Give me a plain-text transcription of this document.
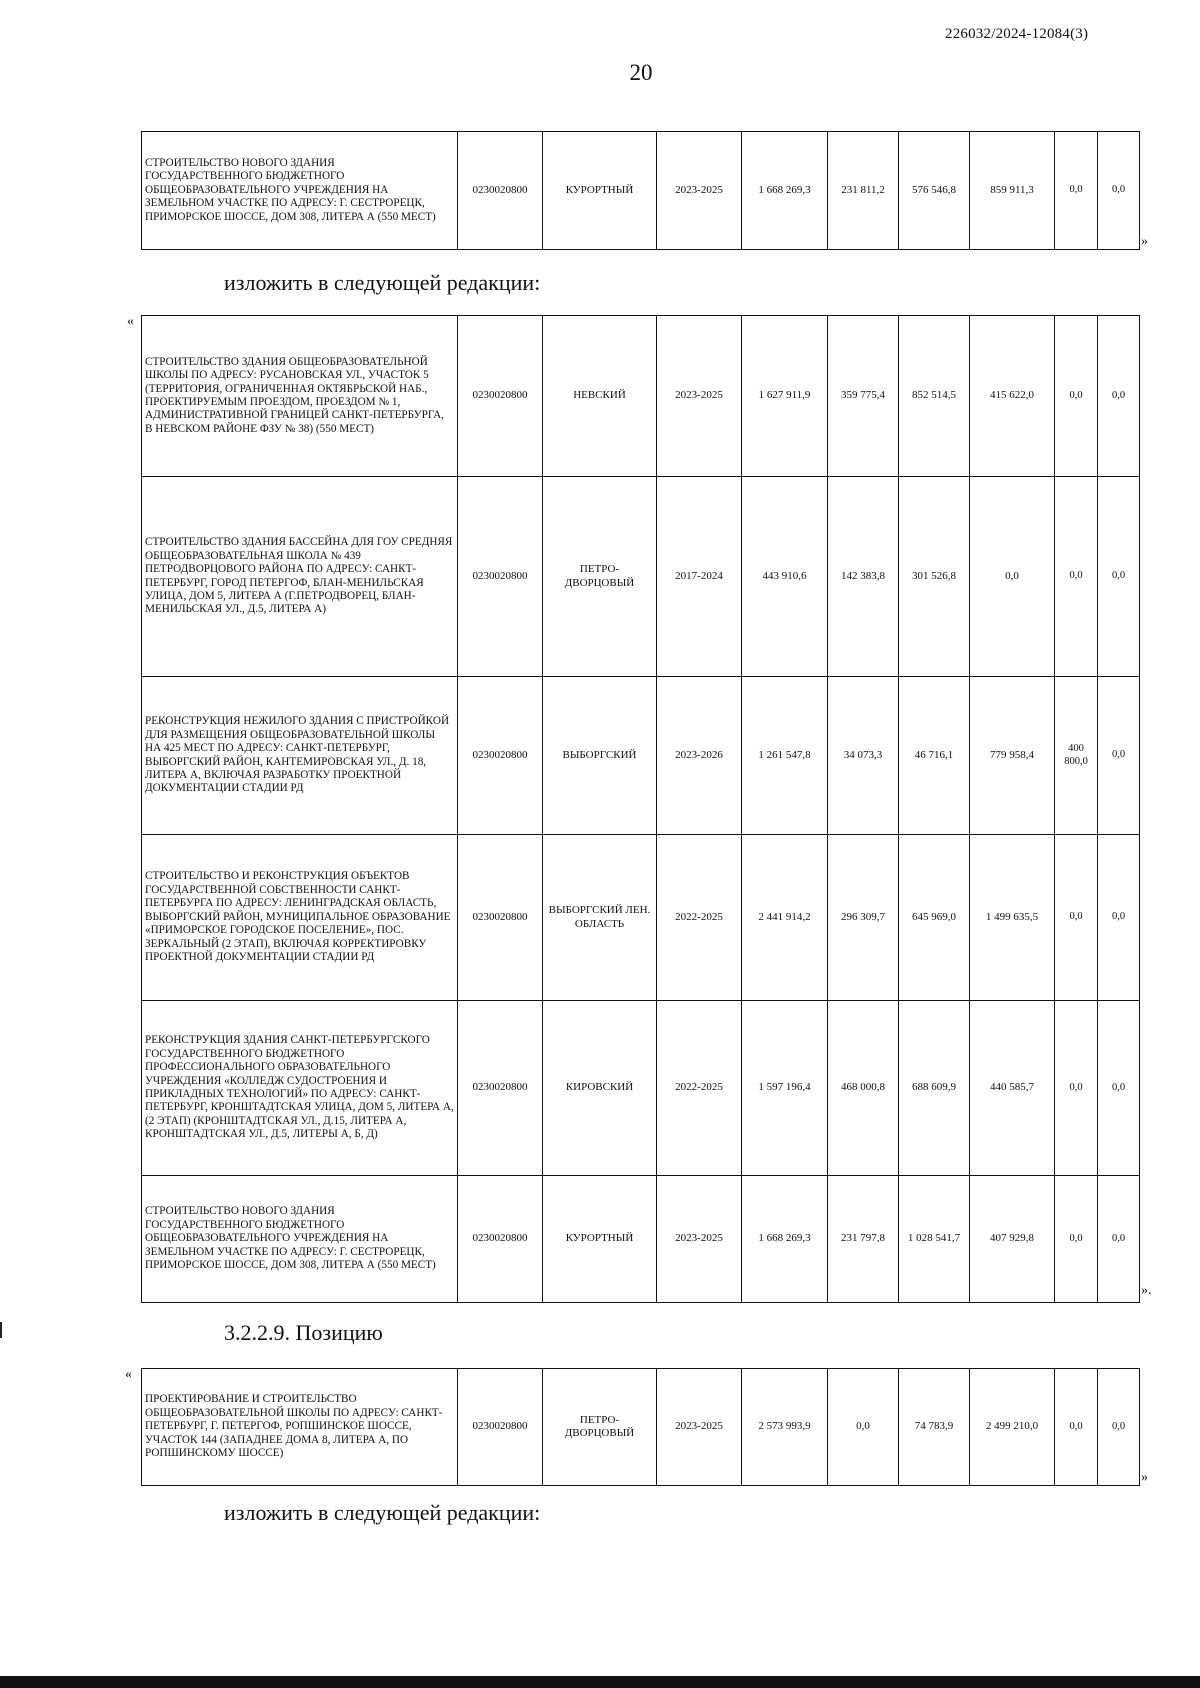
226032/2024-12084(3)
20
СТРОИТЕЛЬСТВО НОВОГО ЗДАНИЯ ГОСУДАРСТВЕННОГО БЮДЖЕТНОГО ОБЩЕОБРАЗОВАТЕЛЬНОГО УЧРЕЖДЕНИЯ НА ЗЕМЕЛЬНОМ УЧАСТКЕ ПО АДРЕСУ: Г. СЕСТРОРЕЦК, ПРИМОРСКОЕ ШОССЕ, ДОМ 308, ЛИТЕРА А (550 МЕСТ)	0230020800	КУРОРТНЫЙ	2023-2025	1 668 269,3	231 811,2	576 546,8	859 911,3	0,0	0,0
»
изложить в следующей редакции:
«
СТРОИТЕЛЬСТВО ЗДАНИЯ ОБЩЕОБРАЗОВАТЕЛЬНОЙ ШКОЛЫ ПО АДРЕСУ: РУСАНОВСКАЯ УЛ., УЧАСТОК 5 (ТЕРРИТОРИЯ, ОГРАНИЧЕННАЯ ОКТЯБРЬСКОЙ НАБ., ПРОЕКТИРУЕМЫМ ПРОЕЗДОМ, ПРОЕЗДОМ № 1, АДМИНИСТРАТИВНОЙ ГРАНИЦЕЙ САНКТ-ПЕТЕРБУРГА, В НЕВСКОМ РАЙОНЕ ФЗУ № 38) (550 МЕСТ)	0230020800	НЕВСКИЙ	2023-2025	1 627 911,9	359 775,4	852 514,5	415 622,0	0,0	0,0
СТРОИТЕЛЬСТВО ЗДАНИЯ БАССЕЙНА ДЛЯ ГОУ СРЕДНЯЯ ОБЩЕОБРАЗОВАТЕЛЬНАЯ ШКОЛА № 439 ПЕТРОДВОРЦОВОГО РАЙОНА ПО АДРЕСУ: САНКТ-ПЕТЕРБУРГ, ГОРОД ПЕТЕРГОФ, БЛАН-МЕНИЛЬСКАЯ УЛИЦА, ДОМ 5, ЛИТЕРА А (Г.ПЕТРОДВОРЕЦ, БЛАН-МЕНИЛЬСКАЯ УЛ., Д.5, ЛИТЕРА А)	0230020800	ПЕТРО-ДВОРЦОВЫЙ	2017-2024	443 910,6	142 383,8	301 526,8	0,0	0,0	0,0
РЕКОНСТРУКЦИЯ НЕЖИЛОГО ЗДАНИЯ С ПРИСТРОЙКОЙ ДЛЯ РАЗМЕЩЕНИЯ ОБЩЕОБРАЗОВАТЕЛЬНОЙ ШКОЛЫ НА 425 МЕСТ ПО АДРЕСУ: САНКТ-ПЕТЕРБУРГ, ВЫБОРГСКИЙ РАЙОН, КАНТЕМИРОВСКАЯ УЛ., Д. 18, ЛИТЕРА А, ВКЛЮЧАЯ РАЗРАБОТКУ ПРОЕКТНОЙ ДОКУМЕНТАЦИИ СТАДИИ РД	0230020800	ВЫБОРГСКИЙ	2023-2026	1 261 547,8	34 073,3	46 716,1	779 958,4	400 800,0	0,0
СТРОИТЕЛЬСТВО И РЕКОНСТРУКЦИЯ ОБЪЕКТОВ ГОСУДАРСТВЕННОЙ СОБСТВЕННОСТИ САНКТ-ПЕТЕРБУРГА ПО АДРЕСУ: ЛЕНИНГРАДСКАЯ ОБЛАСТЬ, ВЫБОРГСКИЙ РАЙОН, МУНИЦИПАЛЬНОЕ ОБРАЗОВАНИЕ «ПРИМОРСКОЕ ГОРОДСКОЕ ПОСЕЛЕНИЕ», ПОС. ЗЕРКАЛЬНЫЙ (2 ЭТАП), ВКЛЮЧАЯ КОРРЕКТИРОВКУ ПРОЕКТНОЙ ДОКУМЕНТАЦИИ СТАДИИ РД	0230020800	ВЫБОРГСКИЙ ЛЕН. ОБЛАСТЬ	2022-2025	2 441 914,2	296 309,7	645 969,0	1 499 635,5	0,0	0,0
РЕКОНСТРУКЦИЯ ЗДАНИЯ САНКТ-ПЕТЕРБУРГСКОГО ГОСУДАРСТВЕННОГО БЮДЖЕТНОГО ПРОФЕССИОНАЛЬНОГО ОБРАЗОВАТЕЛЬНОГО УЧРЕЖДЕНИЯ «КОЛЛЕДЖ СУДОСТРОЕНИЯ И ПРИКЛАДНЫХ ТЕХНОЛОГИЙ» ПО АДРЕСУ: САНКТ-ПЕТЕРБУРГ, КРОНШТАДТСКАЯ УЛИЦА, ДОМ 5, ЛИТЕРА А, (2 ЭТАП) (КРОНШТАДТСКАЯ УЛ., Д.15, ЛИТЕРА А, КРОНШТАДТСКАЯ УЛ., Д.5, ЛИТЕРЫ А, Б, Д)	0230020800	КИРОВСКИЙ	2022-2025	1 597 196,4	468 000,8	688 609,9	440 585,7	0,0	0,0
СТРОИТЕЛЬСТВО НОВОГО ЗДАНИЯ ГОСУДАРСТВЕННОГО БЮДЖЕТНОГО ОБЩЕОБРАЗОВАТЕЛЬНОГО УЧРЕЖДЕНИЯ НА ЗЕМЕЛЬНОМ УЧАСТКЕ ПО АДРЕСУ: Г. СЕСТРОРЕЦК, ПРИМОРСКОЕ ШОССЕ, ДОМ 308, ЛИТЕРА А (550 МЕСТ)	0230020800	КУРОРТНЫЙ	2023-2025	1 668 269,3	231 797,8	1 028 541,7	407 929,8	0,0	0,0
».
3.2.2.9. Позицию
«
ПРОЕКТИРОВАНИЕ И СТРОИТЕЛЬСТВО ОБЩЕОБРАЗОВАТЕЛЬНОЙ ШКОЛЫ ПО АДРЕСУ: САНКТ-ПЕТЕРБУРГ, Г. ПЕТЕРГОФ, РОПШИНСКОЕ ШОССЕ, УЧАСТОК 144 (ЗАПАДНЕЕ ДОМА 8, ЛИТЕРА А, ПО РОПШИНСКОМУ ШОССЕ)	0230020800	ПЕТРО-ДВОРЦОВЫЙ	2023-2025	2 573 993,9	0,0	74 783,9	2 499 210,0	0,0	0,0
»
изложить в следующей редакции:
